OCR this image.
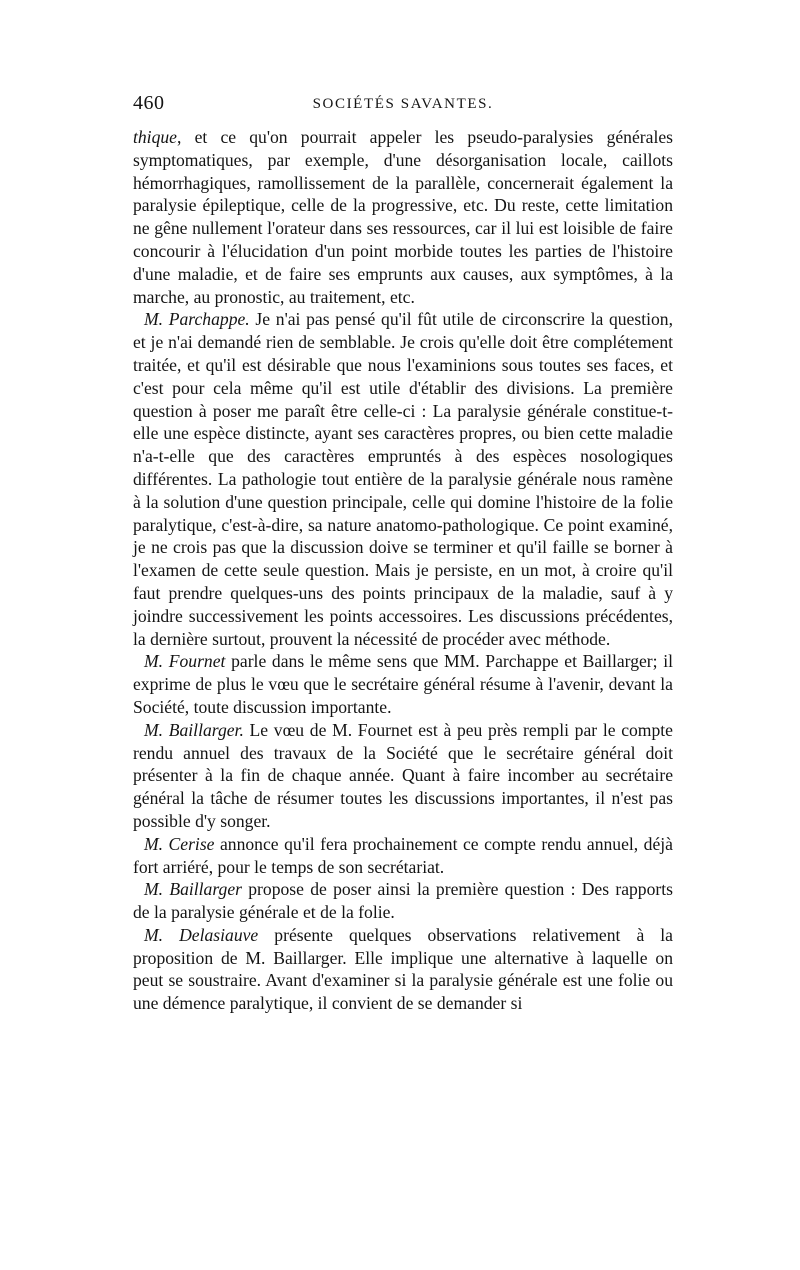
460	SOCIÉTÉS SAVANTES.

thique, et ce qu'on pourrait appeler les pseudo-paralysies générales symptomatiques, par exemple, d'une désorganisation locale, caillots hémorrhagiques, ramollissement de la parallèle, concernerait également la paralysie épileptique, celle de la progressive, etc. Du reste, cette limitation ne gêne nullement l'orateur dans ses ressources, car il lui est loisible de faire concourir à l'élucidation d'un point morbide toutes les parties de l'histoire d'une maladie, et de faire ses emprunts aux causes, aux symptômes, à la marche, au pronostic, au traitement, etc.

M. Parchappe. Je n'ai pas pensé qu'il fût utile de circonscrire la question, et je n'ai demandé rien de semblable. Je crois qu'elle doit être complétement traitée, et qu'il est désirable que nous l'examinions sous toutes ses faces, et c'est pour cela même qu'il est utile d'établir des divisions. La première question à poser me paraît être celle-ci : La paralysie générale constitue-t-elle une espèce distincte, ayant ses caractères propres, ou bien cette maladie n'a-t-elle que des caractères empruntés à des espèces nosologiques différentes. La pathologie tout entière de la paralysie générale nous ramène à la solution d'une question principale, celle qui domine l'histoire de la folie paralytique, c'est-à-dire, sa nature anatomo-pathologique. Ce point examiné, je ne crois pas que la discussion doive se terminer et qu'il faille se borner à l'examen de cette seule question. Mais je persiste, en un mot, à croire qu'il faut prendre quelques-uns des points principaux de la maladie, sauf à y joindre successivement les points accessoires. Les discussions précédentes, la dernière surtout, prouvent la nécessité de procéder avec méthode.

M. Fournet parle dans le même sens que MM. Parchappe et Baillarger; il exprime de plus le vœu que le secrétaire général résume à l'avenir, devant la Société, toute discussion importante.

M. Baillarger. Le vœu de M. Fournet est à peu près rempli par le compte rendu annuel des travaux de la Société que le secrétaire général doit présenter à la fin de chaque année. Quant à faire incomber au secrétaire général la tâche de résumer toutes les discussions importantes, il n'est pas possible d'y songer.

M. Cerise annonce qu'il fera prochainement ce compte rendu annuel, déjà fort arriéré, pour le temps de son secrétariat.

M. Baillarger propose de poser ainsi la première question : Des rapports de la paralysie générale et de la folie.

M. Delasiauve présente quelques observations relativement à la proposition de M. Baillarger. Elle implique une alternative à laquelle on peut se soustraire. Avant d'examiner si la paralysie générale est une folie ou une démence paralytique, il convient de se demander si
